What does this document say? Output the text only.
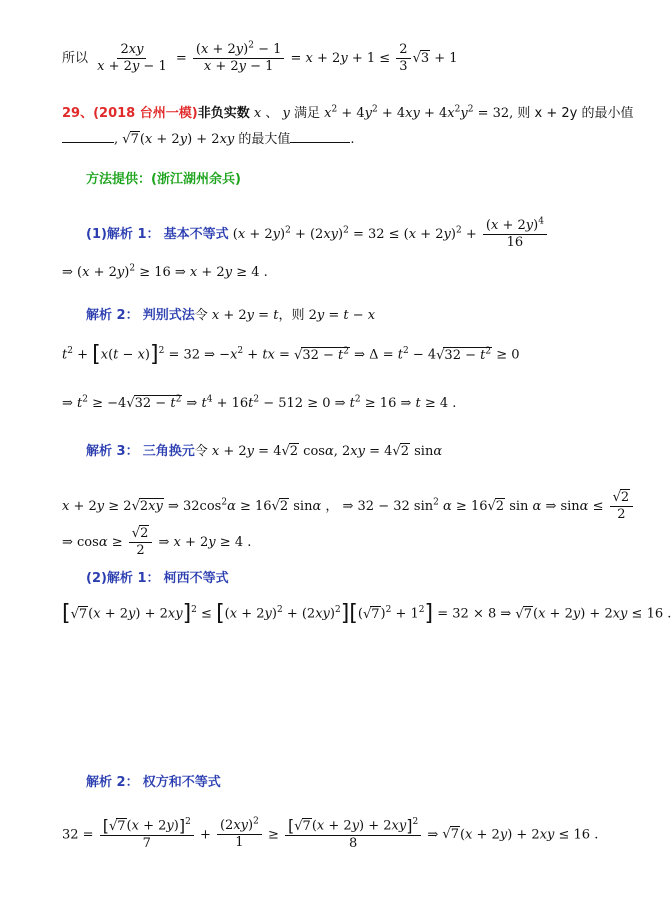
所以 $\frac{2xy}{x + 2y - 1} = \frac{(x + 2y)^2 - 1}{x + 2y - 1} = x + 2y + 1 \le \frac{2}{3} √3 + 1$
29、(2018 台州一模)非负实数 x 、 y 满足 $x^2 + 4y^2 + 4xy + 4x^2y^2 = 32$, 则 x + 2y 的最小值
, √7(x + 2y) + 2xy 的最大值	.
方法提供：(浙江湖州余兵)
(1)解析 1： 基本不等式 $(x + 2y)^2 + (2xy)^2 = 32 \le (x + 2y)^2 + \frac{(x + 2y)^4}{16}$
⇒ $(x + 2y)^2 \ge 16$ ⇒ x + 2y ≥ 4 .
解析 2： 判别式法令 x + 2y = t，则 2y = t − x
$t^2 + [x(t - x)]^2 = 32$ ⇒ $-x^2$ + tx = $√32 - t^2$ ⇒ $\Delta = t^2 - 4√32 - t^2 \ge 0$
⇒ $t^2 \ge -4√32 - t^2$ ⇒ $t^4 + 16t^2 - 512 \ge 0$ ⇒ $t^2 \ge 16$ ⇒ t ≥ 4 .
解析 3： 三角换元令 x + 2y = 4√2 cosα, 2xy = 4√2 sinα
x + 2y ≥ 2√2xy ⇒ $32\cos^2\alpha \ge 16√2$ sinα ， ⇒ 32 − 32 $\sin^2 \alpha \ge 16√2$ sin α ⇒ $\sin\alpha \le \frac{√2}{2}$
⇒ $\cos\alpha \ge \frac{√2}{2}$ ⇒ x + 2y ≥ 4 .
(2)解析 1： 柯西不等式
$[√7(x + 2y) + 2xy]^2 \le [(x + 2y)^2 + (2xy)^2][(√7)^2 + 1^2] = 32 \times 8$ ⇒ √7(x + 2y) + 2xy ≤ 16 .
解析 2： 权方和不等式
$32 = \frac{[√7(x + 2y)]^2}{7} + \frac{(2xy)^2}{1} \ge \frac{[√7(x + 2y) + 2xy]^2}{8}$ ⇒ √7(x + 2y) + 2xy ≤ 16 .
